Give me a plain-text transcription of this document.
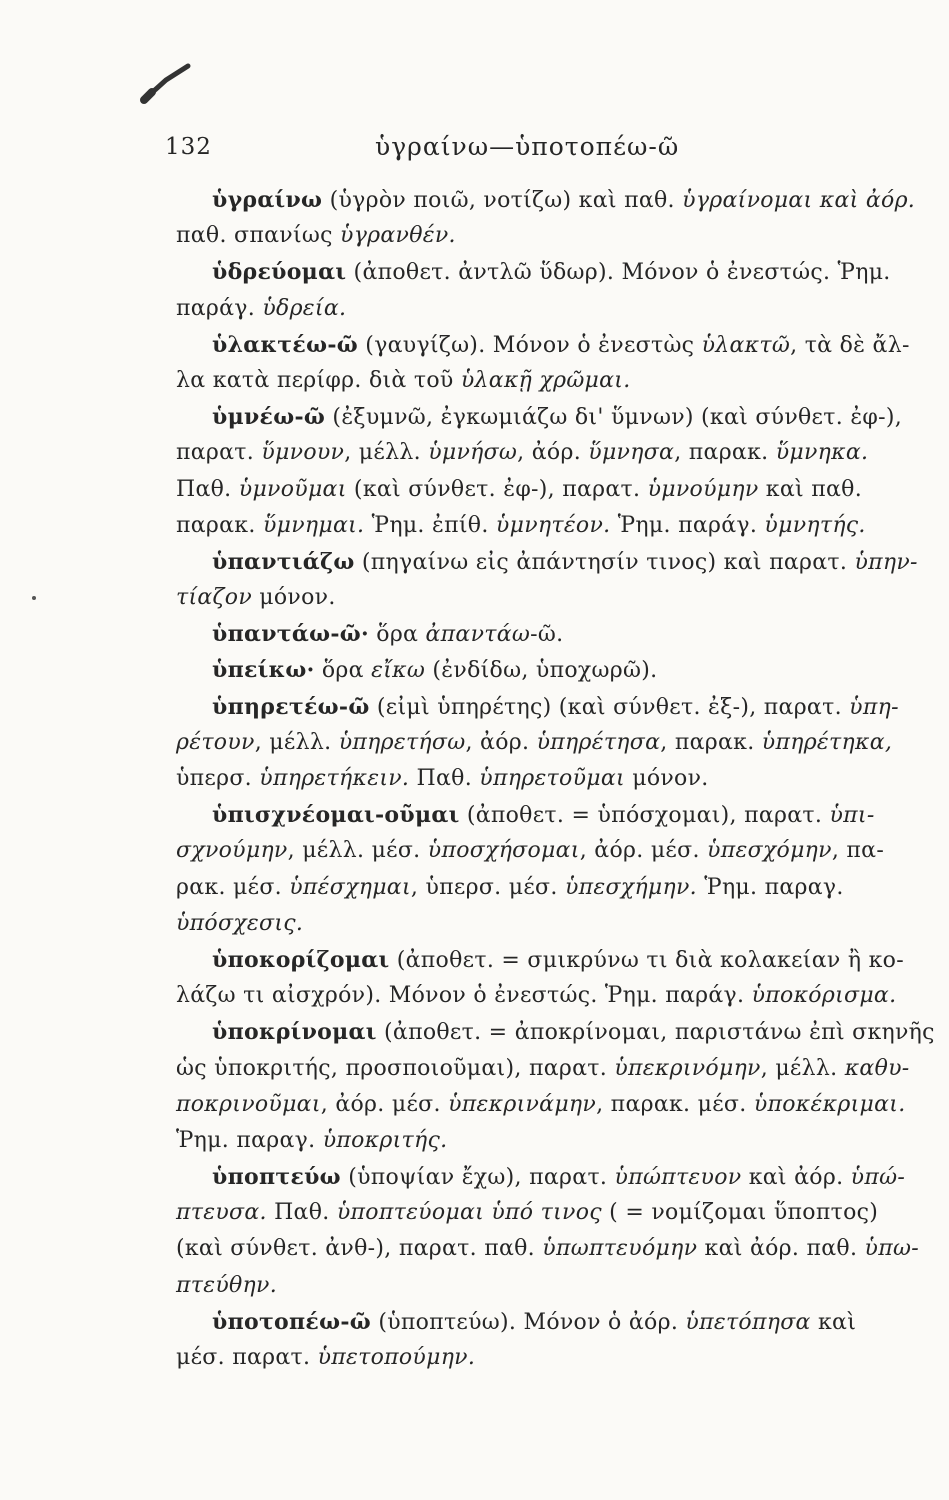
132	ὑγραίνω—ὑποτοπέω-ῶ
ὑγραίνω (ὑγρὸν ποιῶ, νοτίζω) καὶ παθ. ὑγραίνομαι καὶ ἀόρ.
παθ. σπανίως ὑγρανθέν.
ὑδρεύομαι (ἀποθετ. ἀντλῶ ὕδωρ). Μόνον ὁ ἐνεστώς. Ῥημ.
παράγ. ὑδρεία.
ὑλακτέω-ῶ (γαυγίζω). Μόνον ὁ ἐνεστὼς ὑλακτῶ, τὰ δὲ ἄλ-
λα κατὰ περίφρ. διὰ τοῦ ὑλακῇ χρῶμαι.
ὑμνέω-ῶ (ἐξυμνῶ, ἐγκωμιάζω δι' ὕμνων) (καὶ σύνθετ. ἐφ-),
παρατ. ὕμνουν, μέλλ. ὑμνήσω, ἀόρ. ὕμνησα, παρακ. ὕμνηκα.
Παθ. ὑμνοῦμαι (καὶ σύνθετ. ἐφ-), παρατ. ὑμνούμην καὶ παθ.
παρακ. ὕμνημαι. Ῥημ. ἐπίθ. ὑμνητέον. Ῥημ. παράγ. ὑμνητής.
ὑπαντιάζω (πηγαίνω εἰς ἀπάντησίν τινος) καὶ παρατ. ὑπην-
τίαζον μόνον.
ὑπαντάω-ῶ· ὅρα ἀπαντάω-ῶ.
ὑπείκω· ὅρα εἴκω (ἐνδίδω, ὑποχωρῶ).
ὑπηρετέω-ῶ (εἰμὶ ὑπηρέτης) (καὶ σύνθετ. ἐξ-), παρατ. ὑπη-
ρέτουν, μέλλ. ὑπηρετήσω, ἀόρ. ὑπηρέτησα, παρακ. ὑπηρέτηκα,
ὑπερσ. ὑπηρετήκειν. Παθ. ὑπηρετοῦμαι μόνον.
ὑπισχνέομαι-οῦμαι (ἀποθετ. = ὑπόσχομαι), παρατ. ὑπι-
σχνούμην, μέλλ. μέσ. ὑποσχήσομαι, ἀόρ. μέσ. ὑπεσχόμην, πα-
ρακ. μέσ. ὑπέσχημαι, ὑπερσ. μέσ. ὑπεσχήμην. Ῥημ. παραγ.
ὑπόσχεσις.
ὑποκορίζομαι (ἀποθετ. = σμικρύνω τι διὰ κολακείαν ἢ κο-
λάζω τι αἰσχρόν). Μόνον ὁ ἐνεστώς. Ῥημ. παράγ. ὑποκόρισμα.
ὑποκρίνομαι (ἀποθετ. = ἀποκρίνομαι, παριστάνω ἐπὶ σκηνῆς
ὡς ὑποκριτής, προσποιοῦμαι), παρατ. ὑπεκρινόμην, μέλλ. καθυ-
ποκρινοῦμαι, ἀόρ. μέσ. ὑπεκρινάμην, παρακ. μέσ. ὑποκέκριμαι.
Ῥημ. παραγ. ὑποκριτής.
ὑποπτεύω (ὑποψίαν ἔχω), παρατ. ὑπώπτευον καὶ ἀόρ. ὑπώ-
πτευσα. Παθ. ὑποπτεύομαι ὑπό τινος ( = νομίζομαι ὕποπτος)
(καὶ σύνθετ. ἀνθ-), παρατ. παθ. ὑπωπτευόμην καὶ ἀόρ. παθ. ὑπω-
πτεύθην.
ὑποτοπέω-ῶ (ὑποπτεύω). Μόνον ὁ ἀόρ. ὑπετόπησα καὶ
μέσ. παρατ. ὑπετοπούμην.
